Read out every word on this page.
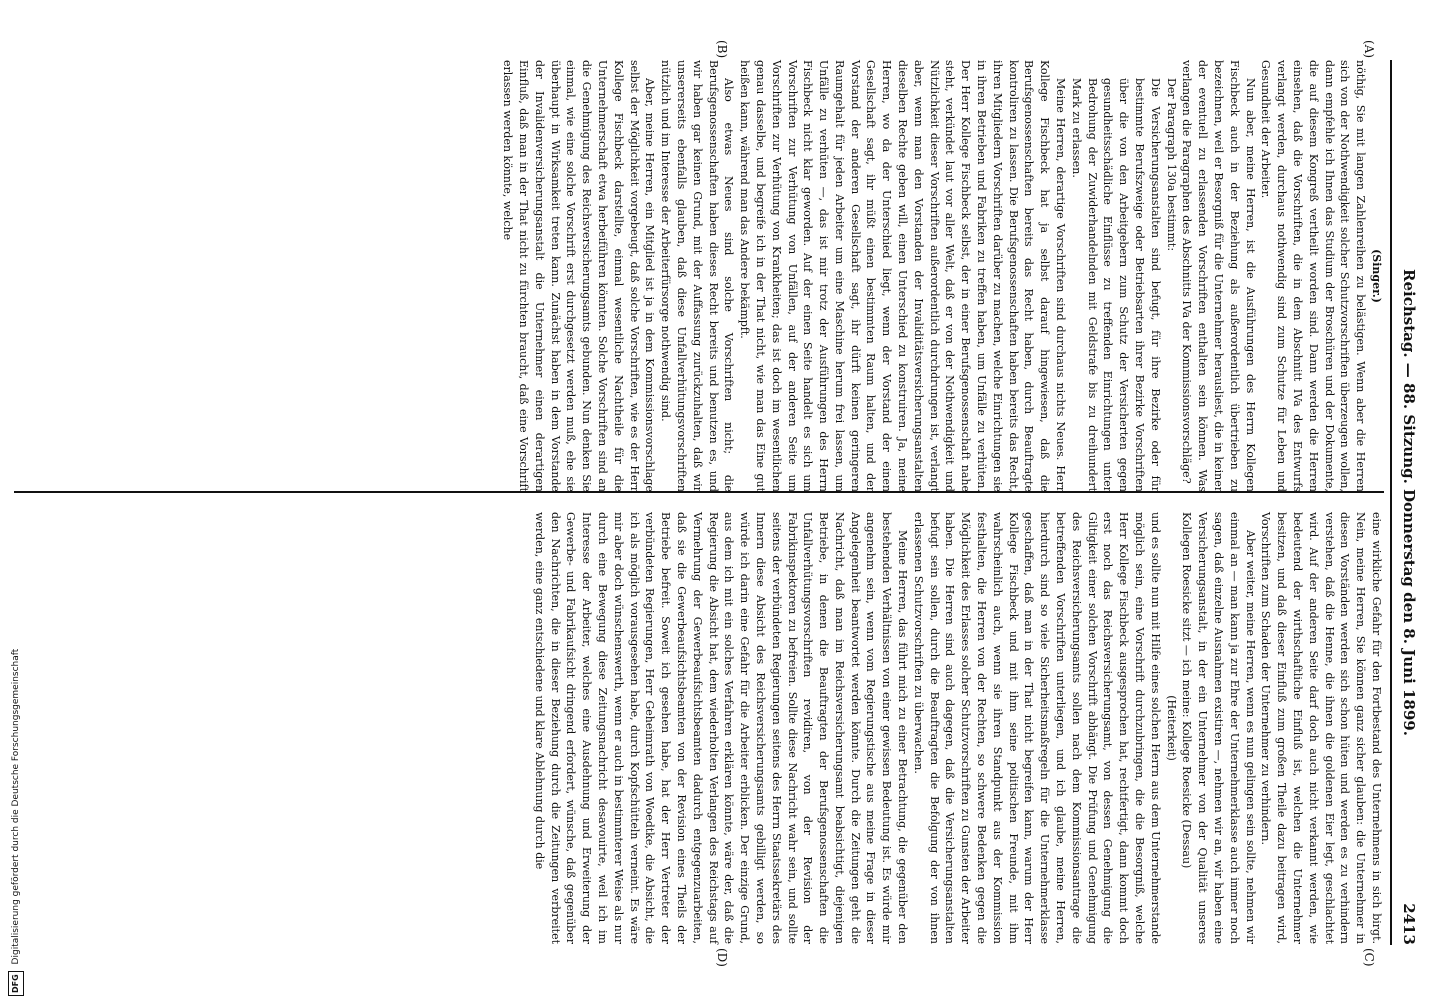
Reichstag. — 88. Sitzung. Donnerstag den 8. Juni 1899.
2413
(A)
(B)
(C)
(D)

(Singer.)

nöthig, Sie mit langen Zahlenreihen zu belästigen. Wenn aber die Herren sich von der Nothwendigkeit solcher Schutzvorschriften überzeugen wollen, dann empfehle ich Ihnen das Studium der Broschüren und der Dokumente, die auf diesem Kongreß vertheilt worden sind. Dann werden die Herren einsehen, daß die Vorschriften, die in dem Abschnitt IVa des Entwurfs verlangt werden, durchaus nothwendig sind zum Schutze für Leben und Gesundheit der Arbeiter.

Nun aber, meine Herren, ist die Ausführungen des Herrn Kollegen Fischbeck auch in der Beziehung als außerordentlich übertrieben zu bezeichnen, weil er Besorgniß für die Unternehmer herausliest, die in keiner der eventuell zu erlassenden Vorschriften enthalten sein können. Was verlangen die Paragraphen des Abschnitts IVa der Kommissionsvorschläge?

Der Paragraph 130a bestimmt:

Die Versicherungsanstalten sind befugt, für ihre Bezirke oder für bestimmte Berufszweige oder Betriebsarten ihrer Bezirke Vorschriften über die von den Arbeitgebern zum Schutz der Versicherten gegen gesundheitsschädliche Einflüsse zu treffenden Einrichtungen unter Bedrohung der Zuwiderhandelnden mit Geldstrafe bis zu dreihundert Mark zu erlassen.

Meine Herren, derartige Vorschriften sind durchaus nichts Neues. Herr Kollege Fischbeck hat ja selbst darauf hingewiesen, daß die Berufsgenossenschaften bereits das Recht haben, durch Beauftragte kontroliren zu lassen. Die Berufsgenossenschaften haben bereits das Recht, ihren Mitgliedern Vorschriften darüber zu machen, welche Einrichtungen sie in ihren Betrieben und Fabriken zu treffen haben, um Unfälle zu verhüten. Der Herr Kollege Fischbeck selbst, der in einer Berufsgenossenschaft nahe steht, verkündet laut vor aller Welt, daß er von der Nothwendigkeit und Nützlichkeit dieser Vorschriften außerordentlich durchdrungen ist, verlangt aber, wenn man den Vorstanden der Invaliditätsversicherungsanstalten dieselben Rechte geben will, einen Unterschied zu konstruiren. Ja, meine Herren, wo da der Unterschied liegt, wenn der Vorstand der einen Gesellschaft sagt, ihr müßt einen bestimmten Raum halten, und der Vorstand der anderen Gesellschaft sagt, ihr dürft keinen geringeren Raumgehalt für jeden Arbeiter um eine Maschine herum frei lassen, um Unfälle zu verhüten —, das ist mir trotz der Ausführungen des Herrn Fischbeck nicht klar geworden. Auf der einen Seite handelt es sich um Vorschriften zur Verhütung von Unfällen, auf der anderen Seite um Vorschriften zur Verhütung von Krankheiten; das ist doch im wesentlichen genau dasselbe, und begreife ich in der That nicht, wie man das Eine gut heißen kann, während man das Andere bekämpft.

Also etwas Neues sind solche Vorschriften nicht; die Berufsgenossenschaften haben dieses Recht bereits und benutzen es, und wir haben gar keinen Grund, mit der Auffassung zurückzuhalten, daß wir unsererseits ebenfalls glauben, daß diese Unfallverhütungsvorschriften nützlich und im Interesse der Arbeiterfürsorge nothwendig sind.

Aber, meine Herren, ein Mitglied ist ja in dem Kommissionsvorschlage selbst der Möglichkeit vorgebeugt, daß solche Vorschriften, wie es der Herr Kollege Fischbeck darstellte, einmal wesentliche Nachtheile für die Unternehmerschaft etwa herbeiführen könnten. Solche Vorschriften sind an die Genehmigung des Reichsversicherungsamts gebunden. Nun denken Sie einmal, wie eine solche Vorschrift erst durchgesetzt werden muß, ehe sie überhaupt in Wirksamkeit treten kann. Zunächst haben in dem Vorstande der Invalidenversicherungsanstalt die Unternehmer einen derartigen Einfluß, daß man in der That nicht zu fürchten braucht, daß eine Vorschrift erlassen werden könnte, welche

eine wirkliche Gefahr für den Fortbestand des Unternehmens in sich birgt. Nein, meine Herren, Sie können ganz sicher glauben: die Unternehmer in diesen Vorständen werden sich schon hüten und werden es zu verhindern verstehen, daß die Henne, die ihnen die goldenen Eier legt, geschlachtet wird. Auf der anderen Seite darf doch auch nicht verkannt werden, wie bedeutend der wirthschaftliche Einfluß ist, welchen die Unternehmer besitzen, und daß dieser Einfluß zum großen Theile dazu beitragen wird, Vorschriften zum Schaden der Unternehmer zu verhindern.

Aber weiter, meine Herren, wenn es nun gelingen sein sollte, nehmen wir einmal an — man kann ja zur Ehre der Unternehmerklasse auch immer noch sagen, daß einzelne Ausnahmen existiren —, nehmen wir an, wir haben eine Versicherungsanstalt, in der ein Unternehmer von der Qualität unseres Kollegen Roesicke sitzt — ich meine: Kollege Roesicke (Dessau)

(Heiterkeit)

und es sollte nun mit Hilfe eines solchen Herrn aus dem Unternehmerstande möglich sein, eine Vorschrift durchzubringen, die die Besorgniß, welche Herr Kollege Fischbeck ausgesprochen hat, rechtfertigt, dann kommt doch erst noch das Reichsversicherungsamt, von dessen Genehmigung die Giltigkeit einer solchen Vorschrift abhängt. Die Prüfung und Genehmigung des Reichsversicherungsamts sollen nach dem Kommissionsantrage die betreffenden Vorschriften unterliegen, und ich glaube, meine Herren, hierdurch sind so viele Sicherheitsmaßregeln für die Unternehmerklasse geschaffen, daß man in der That nicht begreifen kann, warum der Herr Kollege Fischbeck und mit ihm seine politischen Freunde, mit ihm wahrscheinlich auch, wenn sie ihren Standpunkt aus der Kommission festhalten, die Herren von der Rechten, so schwere Bedenken gegen die Möglichkeit des Erlasses solcher Schutzvorschriften zu Gunsten der Arbeiter haben. Die Herren sind auch dagegen, daß die Versicherungsanstalten befugt sein sollen, durch die Beauftragten die Befolgung der von ihnen erlassenen Schutzvorschriften zu überwachen.

Meine Herren, das führt mich zu einer Betrachtung, die gegenüber den bestehenden Verhältnissen von einer gewissen Bedeutung ist. Es würde mir angenehm sein, wenn vom Regierungstische aus meine Frage in dieser Angelegenheit beantwortet werden könnte. Durch die Zeitungen geht die Nachricht, daß man im Reichsversicherungsamt beabsichtigt, diejenigen Betriebe, in denen die Beauftragten der Berufsgenossenschaften die Unfallverhütungsvorschriften revidiren, von der Revision der Fabrikinspektoren zu befreien. Sollte diese Nachricht wahr sein, und sollte seitens der verbündeten Regierungen seitens des Herrn Staatssekretärs des Innern diese Absicht des Reichsversicherungsamts gebilligt werden, so würde ich darin eine Gefahr für die Arbeiter erblicken. Der einzige Grund, aus dem ich mit ein solches Verfahren erklären könnte, wäre der, daß die Regierung die Absicht hat, dem wiederholten Verlangen des Reichstags auf Vermehrung der Gewerbeaufsichtsbeamten dadurch entgegenzuarbeiten, daß sie die Gewerbeaufsichtsbeamten von der Revision eines Theils der Betriebe befreit. Soweit ich gesehen habe, hat der Herr Vertreter der verbündeten Regierungen, Herr Geheimrath von Woedtke, die Absicht, die ich als möglich vorausgesehen habe, durch Kopfschütteln verneint. Es wäre mir aber doch wünschenswerth, wenn er auch in bestimmterer Weise als nur durch eine Bewegung diese Zeitungsnachricht desavouirte, weil ich im Interesse der Arbeiter, welches eine Ausdehnung und Erweiterung der Gewerbe- und Fabrikaufsicht dringend erfordert, wünsche, daß gegenüber den Nachrichten, die in dieser Beziehung durch die Zeitungen verbreitet werden, eine ganz entschiedene und klare Ablehnung durch die

DFG Digitalisierung gefördert durch die Deutsche Forschungsgemeinschaft
